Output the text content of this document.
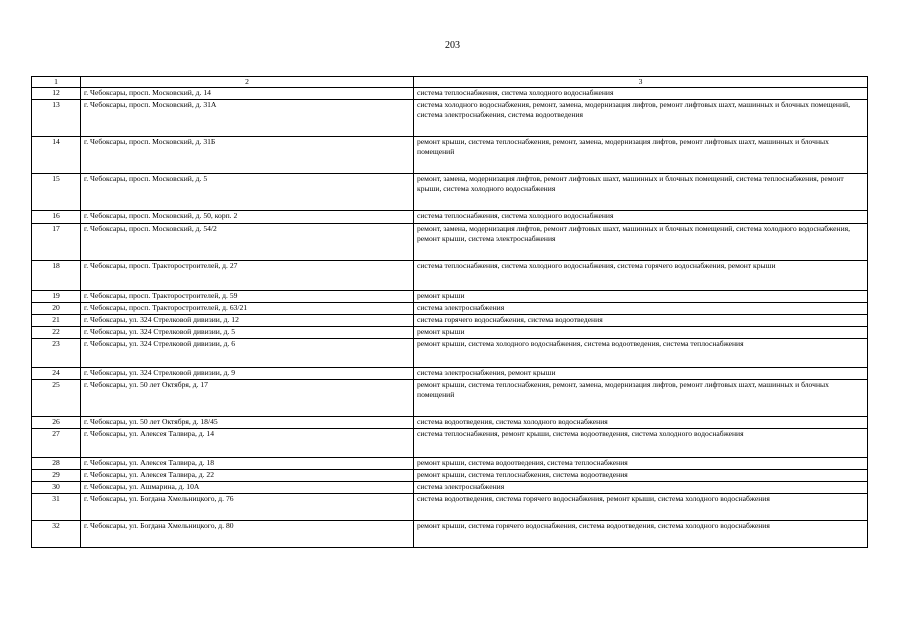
203
1	2	3
12	г. Чебоксары, просп. Московский, д. 14	система теплоснабжения, система холодного водоснабжения
13	г. Чебоксары, просп. Московский, д. 31А	система холодного водоснабжения, ремонт, замена, модернизация лифтов, ремонт лифтовых шахт, машинных и блочных помещений, система электроснабжения, система водоотведения
14	г. Чебоксары, просп. Московский, д. 31Б	ремонт крыши, система теплоснабжения, ремонт, замена, модернизация лифтов, ремонт лифтовых шахт, машинных и блочных помещений
15	г. Чебоксары, просп. Московский, д. 5	ремонт, замена, модернизация лифтов, ремонт лифтовых шахт, машинных и блочных помещений, система теплоснабжения, ремонт крыши, система холодного водоснабжения
16	г. Чебоксары, просп. Московский, д. 50, корп. 2	система теплоснабжения, система холодного водоснабжения
17	г. Чебоксары, просп. Московский, д. 54/2	ремонт, замена, модернизация лифтов, ремонт лифтовых шахт, машинных и блочных помещений, система холодного водоснабжения, ремонт крыши, система электроснабжения
18	г. Чебоксары, просп. Тракторостроителей, д. 27	система теплоснабжения, система холодного водоснабжения, система горячего водоснабжения, ремонт крыши
19	г. Чебоксары, просп. Тракторостроителей, д. 59	ремонт крыши
20	г. Чебоксары, просп. Тракторостроителей, д. 63/21	система электроснабжения
21	г. Чебоксары, ул. 324 Стрелковой дивизии, д. 12	система горячего водоснабжения, система водоотведения
22	г. Чебоксары, ул. 324 Стрелковой дивизии, д. 5	ремонт крыши
23	г. Чебоксары, ул. 324 Стрелковой дивизии, д. 6	ремонт крыши, система холодного водоснабжения, система водоотведения, система теплоснабжения
24	г. Чебоксары, ул. 324 Стрелковой дивизии, д. 9	система электроснабжения, ремонт крыши
25	г. Чебоксары, ул. 50 лет Октября, д. 17	ремонт крыши, система теплоснабжения, ремонт, замена, модернизация лифтов, ремонт лифтовых шахт, машинных и блочных помещений
26	г. Чебоксары, ул. 50 лет Октября, д. 18/45	система водоотведения, система холодного водоснабжения
27	г. Чебоксары, ул. Алексея Талвира, д. 14	система теплоснабжения, ремонт крыши, система водоотведения, система холодного водоснабжения
28	г. Чебоксары, ул. Алексея Талвира, д. 18	ремонт крыши, система водоотведения, система теплоснабжения
29	г. Чебоксары, ул. Алексея Талвира, д. 22	ремонт крыши, система теплоснабжения, система водоотведения
30	г. Чебоксары, ул. Ашмарина, д. 10А	система электроснабжения
31	г. Чебоксары, ул. Богдана Хмельницкого, д. 76	система водоотведения, система горячего водоснабжения, ремонт крыши, система холодного водоснабжения
32	г. Чебоксары, ул. Богдана Хмельницкого, д. 80	ремонт крыши, система горячего водоснабжения, система водоотведения, система холодного водоснабжения
